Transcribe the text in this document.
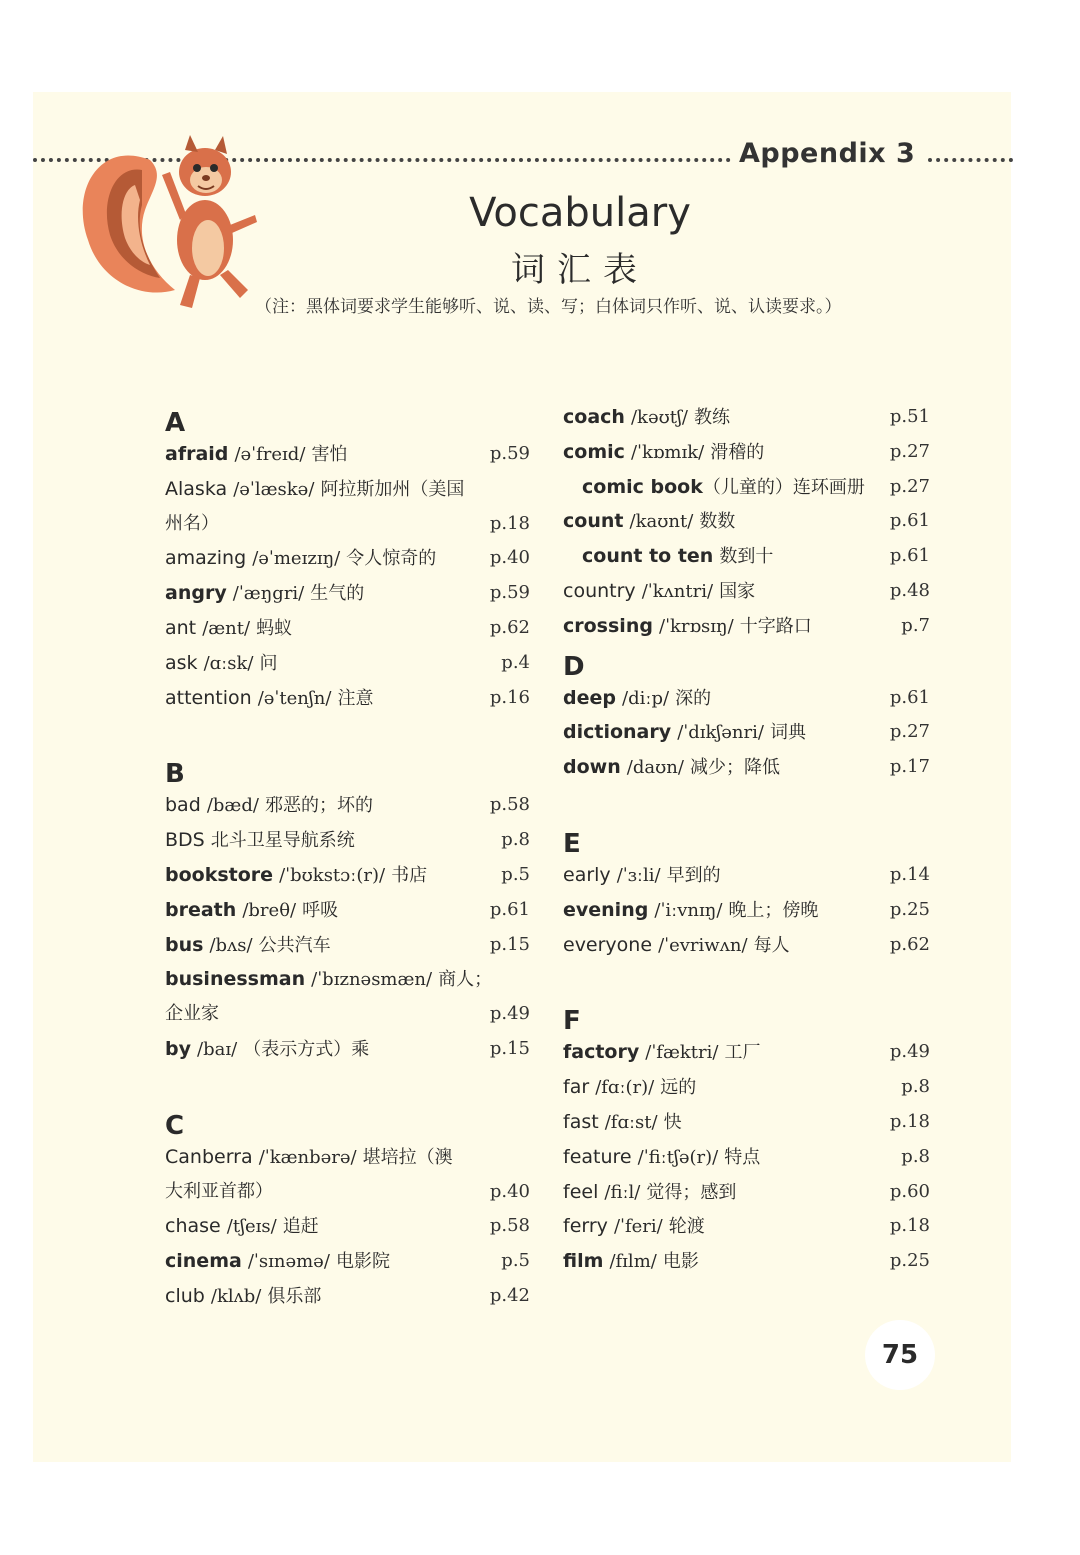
Appendix 3
Vocabulary
词汇表
（注：黑体词要求学生能够听、说、读、写；白体词只作听、说、认读要求。）
A
afraid /əˈfreɪd/ 害怕	p.59
Alaska /əˈlæskə/ 阿拉斯加州（美国
州名）	p.18
amazing /əˈmeɪzɪŋ/ 令人惊奇的	p.40
angry /ˈæŋgri/ 生气的	p.59
ant /ænt/ 蚂蚁	p.62
ask /ɑːsk/ 问	p.4
attention /əˈtenʃn/ 注意	p.16
B
bad /bæd/ 邪恶的；坏的	p.58
BDS 北斗卫星导航系统	p.8
bookstore /ˈbʊkstɔː(r)/ 书店	p.5
breath /breθ/ 呼吸	p.61
bus /bʌs/ 公共汽车	p.15
businessman /ˈbɪznəsmæn/ 商人；
企业家	p.49
by /baɪ/ （表示方式）乘	p.15
C
Canberra /ˈkænbərə/ 堪培拉（澳
大利亚首都）	p.40
chase /tʃeɪs/ 追赶	p.58
cinema /ˈsɪnəmə/ 电影院	p.5
club /klʌb/ 俱乐部	p.42
coach /kəʊtʃ/ 教练	p.51
comic /ˈkɒmɪk/ 滑稽的	p.27
comic book（儿童的）连环画册 p.27
count /kaʊnt/ 数数	p.61
count to ten 数到十	p.61
country /ˈkʌntri/ 国家	p.48
crossing /ˈkrɒsɪŋ/ 十字路口	p.7
D
deep /diːp/ 深的	p.61
dictionary /ˈdɪkʃənri/ 词典	p.27
down /daʊn/ 减少；降低	p.17
E
early /ˈɜːli/ 早到的	p.14
evening /ˈiːvnɪŋ/ 晚上；傍晚	p.25
everyone /ˈevriwʌn/ 每人	p.62
F
factory /ˈfæktri/ 工厂	p.49
far /fɑː(r)/ 远的	p.8
fast /fɑːst/ 快	p.18
feature /ˈfiːtʃə(r)/ 特点	p.8
feel /fiːl/ 觉得；感到	p.60
ferry /ˈferi/ 轮渡	p.18
film /fɪlm/ 电影	p.25
75
